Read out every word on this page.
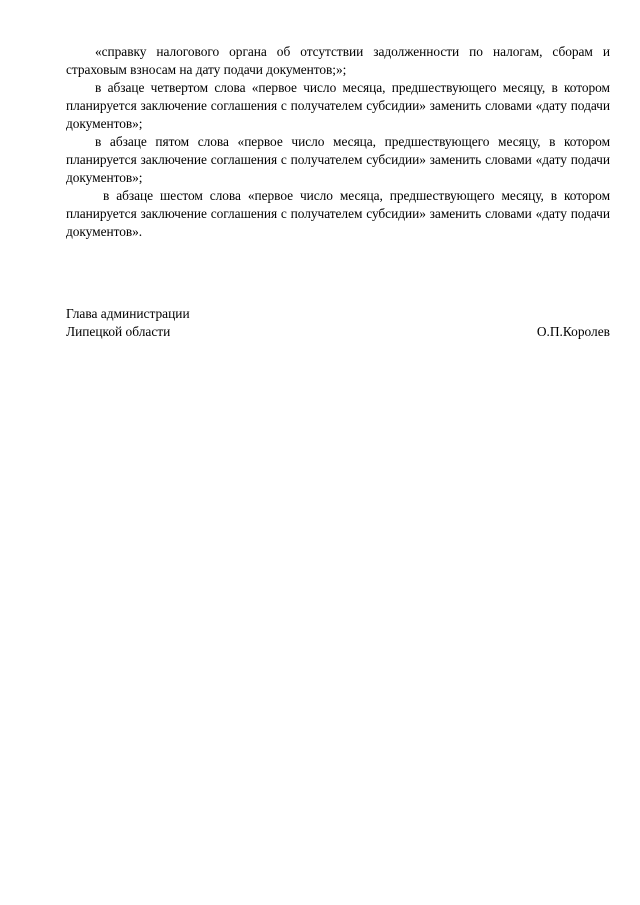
«справку налогового органа об отсутствии задолженности по налогам, сборам и страховым взносам на дату подачи документов;»;

в абзаце четвертом слова «первое число месяца, предшествующего месяцу, в котором планируется заключение соглашения с получателем субсидии» заменить словами «дату подачи документов»;

в абзаце пятом слова «первое число месяца, предшествующего месяцу, в котором планируется заключение соглашения с получателем субсидии» заменить словами «дату подачи документов»;

в абзаце шестом слова «первое число месяца, предшествующего месяцу, в котором планируется заключение соглашения с получателем субсидии» заменить словами «дату подачи документов».

Глава администрации
Липецкой области	О.П.Королев
